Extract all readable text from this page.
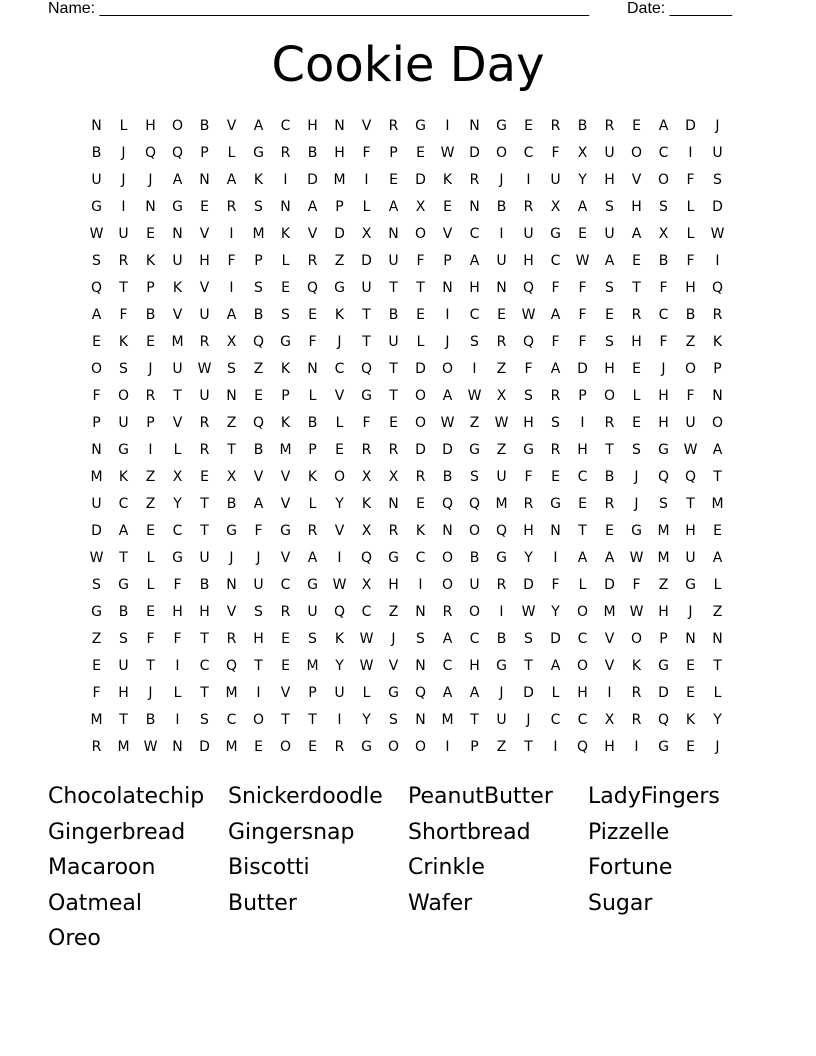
Name: _______________________________________________________ Date: _______
Cookie Day
N	L	H	O	B	V	A	C	H	N	V	R	G	I	N	G	E	R	B	R	E	A	D	J
B	J	Q	Q	P	L	G	R	B	H	F	P	E	W	D	O	C	F	X	U	O	C	I	U
U	J	J	A	N	A	K	I	D	M	I	E	D	K	R	J	I	U	Y	H	V	O	F	S
G	I	N	G	E	R	S	N	A	P	L	A	X	E	N	B	R	X	A	S	H	S	L	D
W	U	E	N	V	I	M	K	V	D	X	N	O	V	C	I	U	G	E	U	A	X	L	W
S	R	K	U	H	F	P	L	R	Z	D	U	F	P	A	U	H	C	W	A	E	B	F	I
Q	T	P	K	V	I	S	E	Q	G	U	T	T	N	H	N	Q	F	F	S	T	F	H	Q
A	F	B	V	U	A	B	S	E	K	T	B	E	I	C	E	W	A	F	E	R	C	B	R
E	K	E	M	R	X	Q	G	F	J	T	U	L	J	S	R	Q	F	F	S	H	F	Z	K
O	S	J	U	W	S	Z	K	N	C	Q	T	D	O	I	Z	F	A	D	H	E	J	O	P
F	O	R	T	U	N	E	P	L	V	G	T	O	A	W	X	S	R	P	O	L	H	F	N
P	U	P	V	R	Z	Q	K	B	L	F	E	O	W	Z	W	H	S	I	R	E	H	U	O
N	G	I	L	R	T	B	M	P	E	R	R	D	D	G	Z	G	R	H	T	S	G	W	A
M	K	Z	X	E	X	V	V	K	O	X	X	R	B	S	U	F	E	C	B	J	Q	Q	T
U	C	Z	Y	T	B	A	V	L	Y	K	N	E	Q	Q	M	R	G	E	R	J	S	T	M
D	A	E	C	T	G	F	G	R	V	X	R	K	N	O	Q	H	N	T	E	G	M	H	E
W	T	L	G	U	J	J	V	A	I	Q	G	C	O	B	G	Y	I	A	A	W	M	U	A
S	G	L	F	B	N	U	C	G	W	X	H	I	O	U	R	D	F	L	D	F	Z	G	L
G	B	E	H	H	V	S	R	U	Q	C	Z	N	R	O	I	W	Y	O	M	W	H	J	Z
Z	S	F	F	T	R	H	E	S	K	W	J	S	A	C	B	S	D	C	V	O	P	N	N
E	U	T	I	C	Q	T	E	M	Y	W	V	N	C	H	G	T	A	O	V	K	G	E	T
F	H	J	L	T	M	I	V	P	U	L	G	Q	A	A	J	D	L	H	I	R	D	E	L
M	T	B	I	S	C	O	T	T	I	Y	S	N	M	T	U	J	C	C	X	R	Q	K	Y
R	M	W	N	D	M	E	O	E	R	G	O	O	I	P	Z	T	I	Q	H	I	G	E	J
Chocolatechip	Snickerdoodle	PeanutButter	LadyFingers
Gingerbread	Gingersnap	Shortbread	Pizzelle
Macaroon	Biscotti	Crinkle	Fortune
Oatmeal	Butter	Wafer	Sugar
Oreo
